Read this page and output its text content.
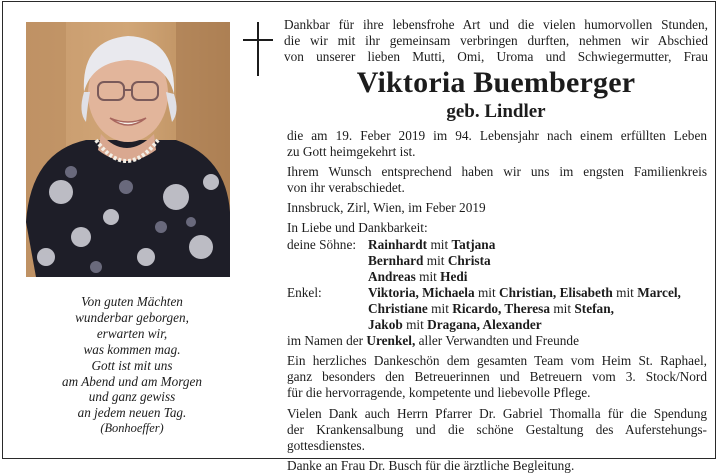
Von guten Mächten
wunderbar geborgen,
erwarten wir,
was kommen mag.
Gott ist mit uns
am Abend und am Morgen
und ganz gewiss
an jedem neuen Tag.
(Bonhoeffer)
Dankbar für ihre lebensfrohe Art und die vielen humorvollen Stunden,
die wir mit ihr gemeinsam verbringen durften, nehmen wir Abschied
von unserer lieben Mutti, Omi, Uroma und Schwiegermutter, Frau
Viktoria Buemberger
geb. Lindler
die am 19. Feber 2019 im 94. Lebensjahr nach einem erfüllten Leben
zu Gott heimgekehrt ist.
Ihrem Wunsch entsprechend haben wir uns im engsten Familienkreis
von ihr verabschiedet.
Innsbruck, Zirl, Wien, im Feber 2019
In Liebe und Dankbarkeit:
deine Söhne: Rainhardt mit Tatjana
Bernhard mit Christa
Andreas mit Hedi
Enkel:	Viktoria, Michaela mit Christian, Elisabeth mit Marcel,
Christiane mit Ricardo, Theresa mit Stefan,
Jakob mit Dragana, Alexander
im Namen der Urenkel, aller Verwandten und Freunde
Ein herzliches Dankeschön dem gesamten Team vom Heim St. Raphael,
ganz besonders den Betreuerinnen und Betreuern vom 3. Stock/Nord
für die hervorragende, kompetente und liebevolle Pflege.
Vielen Dank auch Herrn Pfarrer Dr. Gabriel Thomalla für die Spendung
der Krankensalbung und die schöne Gestaltung des Auferstehungs-
gottesdienstes.
Danke an Frau Dr. Busch für die ärztliche Begleitung.
